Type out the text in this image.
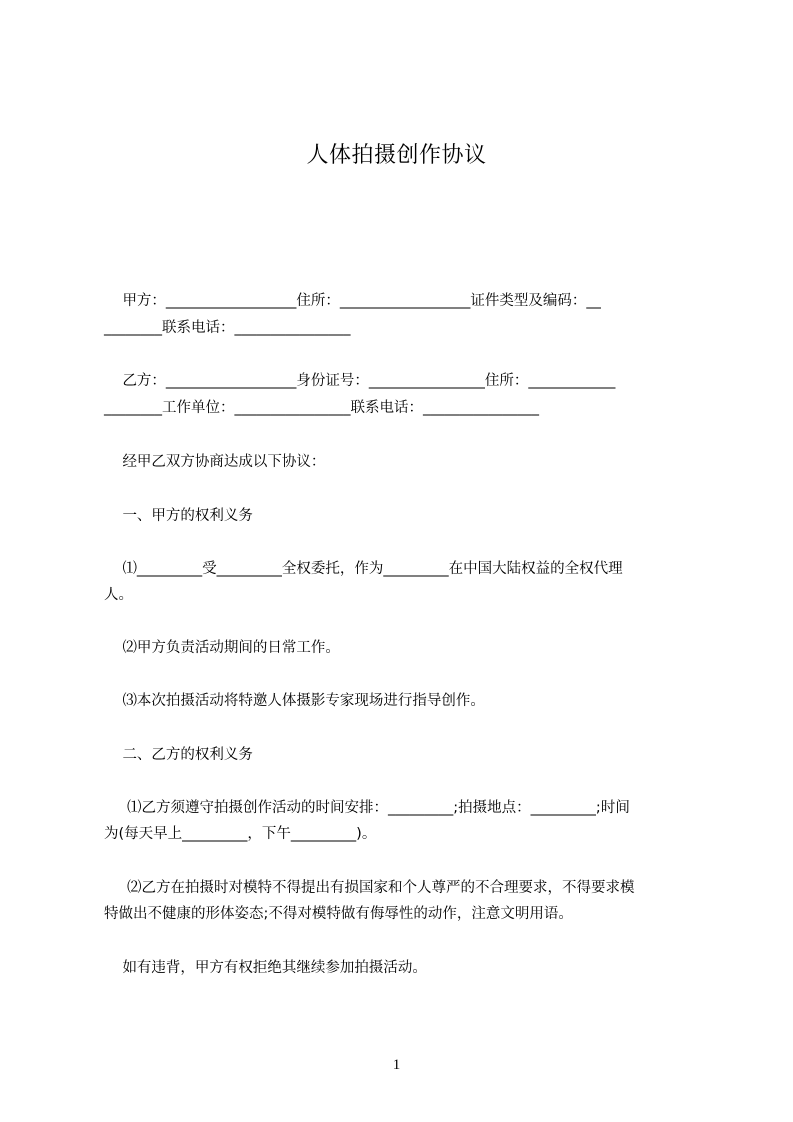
人体拍摄创作协议
甲方：__________________住所：__________________证件类型及编码：__
________联系电话：________________
乙方：__________________身份证号：________________住所：____________
________工作单位：________________联系电话：________________
经甲乙双方协商达成以下协议：
一、甲方的权利义务
⑴_________受_________全权委托，作为_________在中国大陆权益的全权代理
人。
⑵甲方负责活动期间的日常工作。
⑶本次拍摄活动将特邀人体摄影专家现场进行指导创作。
二、乙方的权利义务
⑴乙方须遵守拍摄创作活动的时间安排：_________;拍摄地点：_________;时间
为(每天早上_________，下午_________)。
⑵乙方在拍摄时对模特不得提出有损国家和个人尊严的不合理要求，不得要求模
特做出不健康的形体姿态;不得对模特做有侮辱性的动作，注意文明用语。
如有违背，甲方有权拒绝其继续参加拍摄活动。
1
